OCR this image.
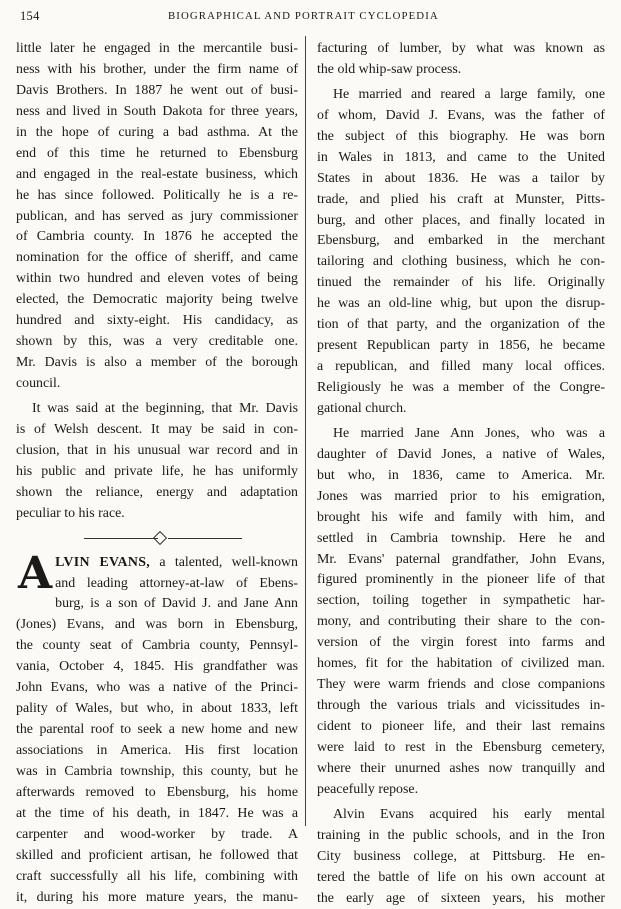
154	BIOGRAPHICAL AND PORTRAIT CYCLOPEDIA
little later he engaged in the mercantile busi-
ness with his brother, under the firm name of
Davis Brothers. In 1887 he went out of busi-
ness and lived in South Dakota for three years,
in the hope of curing a bad asthma. At the
end of this time he returned to Ebensburg
and engaged in the real-estate business, which
he has since followed. Politically he is a re-
publican, and has served as jury commissioner
of Cambria county. In 1876 he accepted the
nomination for the office of sheriff, and came
within two hundred and eleven votes of being
elected, the Democratic majority being twelve
hundred and sixty-eight. His candidacy, as
shown by this, was a very creditable one.
Mr. Davis is also a member of the borough
council.
It was said at the beginning, that Mr. Davis
is of Welsh descent. It may be said in con-
clusion, that in his unusual war record and in
his public and private life, he has uniformly
shown the reliance, energy and adaptation
peculiar to his race.
A LVIN EVANS, a talented, well-known
and leading attorney-at-law of Ebens-
burg, is a son of David J. and Jane Ann
(Jones) Evans, and was born in Ebensburg,
the county seat of Cambria county, Pennsyl-
vania, October 4, 1845. His grandfather was
John Evans, who was a native of the Princi-
pality of Wales, but who, in about 1833, left
the parental roof to seek a new home and new
associations in America. His first location
was in Cambria township, this county, but he
afterwards removed to Ebensburg, his home
at the time of his death, in 1847. He was a
carpenter and wood-worker by trade. A
skilled and proficient artisan, he followed that
craft successfully all his life, combining with
it, during his more mature years, the manu-
facturing of lumber, by what was known as
the old whip-saw process.
He married and reared a large family, one
of whom, David J. Evans, was the father of
the subject of this biography. He was born
in Wales in 1813, and came to the United
States in about 1836. He was a tailor by
trade, and plied his craft at Munster, Pitts-
burg, and other places, and finally located in
Ebensburg, and embarked in the merchant
tailoring and clothing business, which he con-
tinued the remainder of his life. Originally
he was an old-line whig, but upon the disrup-
tion of that party, and the organization of the
present Republican party in 1856, he became
a republican, and filled many local offices.
Religiously he was a member of the Congre-
gational church.
He married Jane Ann Jones, who was a
daughter of David Jones, a native of Wales,
but who, in 1836, came to America. Mr.
Jones was married prior to his emigration,
brought his wife and family with him, and
settled in Cambria township. Here he and
Mr. Evans' paternal grandfather, John Evans,
figured prominently in the pioneer life of that
section, toiling together in sympathetic har-
mony, and contributing their share to the con-
version of the virgin forest into farms and
homes, fit for the habitation of civilized man.
They were warm friends and close companions
through the various trials and vicissitudes in-
cident to pioneer life, and their last remains
were laid to rest in the Ebensburg cemetery,
where their unurned ashes now tranquilly and
peacefully repose.
Alvin Evans acquired his early mental
training in the public schools, and in the Iron
City business college, at Pittsburg. He en-
tered the battle of life on his own account at
the early age of sixteen years, his mother
